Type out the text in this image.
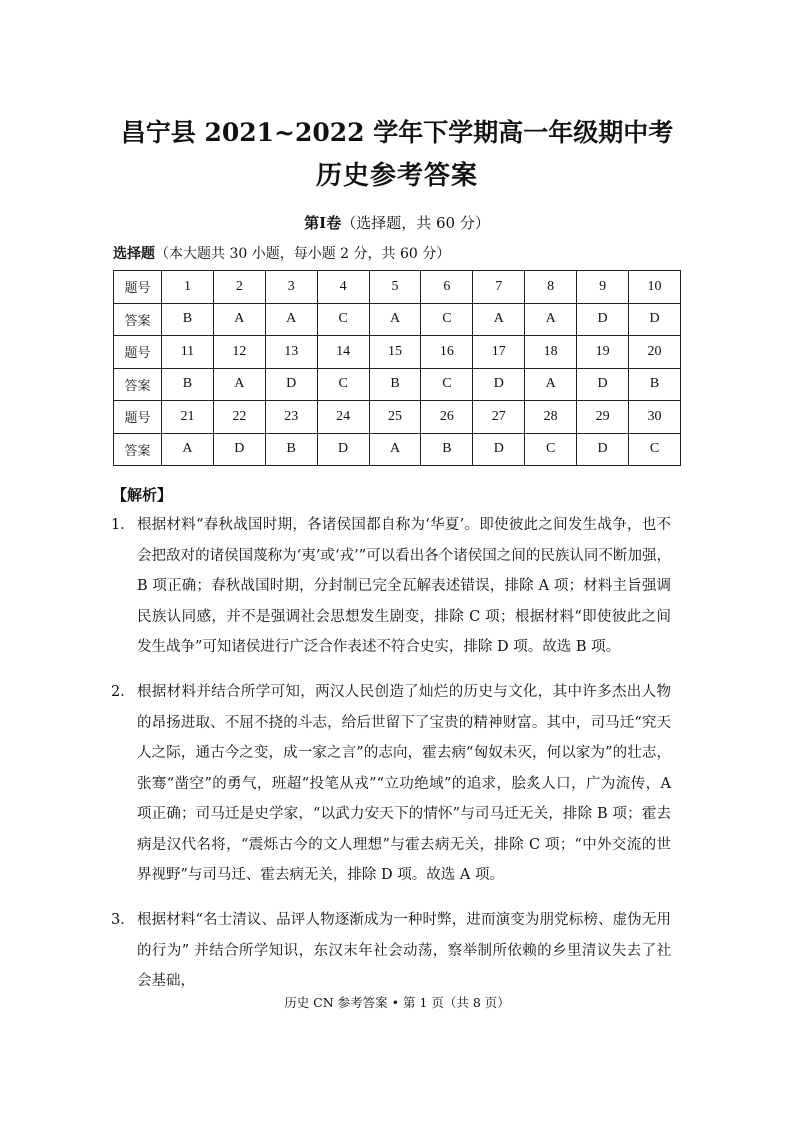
昌宁县 2021~2022 学年下学期高一年级期中考
历史参考答案
第Ⅰ卷（选择题，共 60 分）
选择题（本大题共 30 小题，每小题 2 分，共 60 分）
题号	1	2	3	4	5	6	7	8	9	10
答案	B	A	A	C	A	C	A	A	D	D
题号	11	12	13	14	15	16	17	18	19	20
答案	B	A	D	C	B	C	D	A	D	B
题号	21	22	23	24	25	26	27	28	29	30
答案	A	D	B	D	A	B	D	C	D	C
【解析】
1． 根据材料“春秋战国时期，各诸侯国都自称为‘华夏’。即使彼此之间发生战争，也不会把敌对的诸侯国蔑称为‘夷’或‘戎’”可以看出各个诸侯国之间的民族认同不断加强，B 项正确；春秋战国时期，分封制已完全瓦解表述错误，排除 A 项；材料主旨强调民族认同感，并不是强调社会思想发生剧变，排除 C 项；根据材料“即使彼此之间发生战争”可知诸侯进行广泛合作表述不符合史实，排除 D 项。故选 B 项。
2． 根据材料并结合所学可知，两汉人民创造了灿烂的历史与文化，其中许多杰出人物的昂扬进取、不屈不挠的斗志，给后世留下了宝贵的精神财富。其中，司马迁“究天人之际，通古今之变，成一家之言”的志向，霍去病“匈奴未灭，何以家为”的壮志，张骞“凿空”的勇气，班超“投笔从戎”“立功绝域”的追求，脍炙人口，广为流传，A 项正确；司马迁是史学家，“以武力安天下的情怀”与司马迁无关，排除 B 项；霍去病是汉代名将，“震烁古今的文人理想”与霍去病无关，排除 C 项；“中外交流的世界视野”与司马迁、霍去病无关，排除 D 项。故选 A 项。
3． 根据材料“名士清议、品评人物逐渐成为一种时弊，进而演变为朋党标榜、虚伪无用的行为” 并结合所学知识，东汉末年社会动荡，察举制所依赖的乡里清议失去了社会基础，
历史 CN 参考答案 • 第 1 页（共 8 页）
